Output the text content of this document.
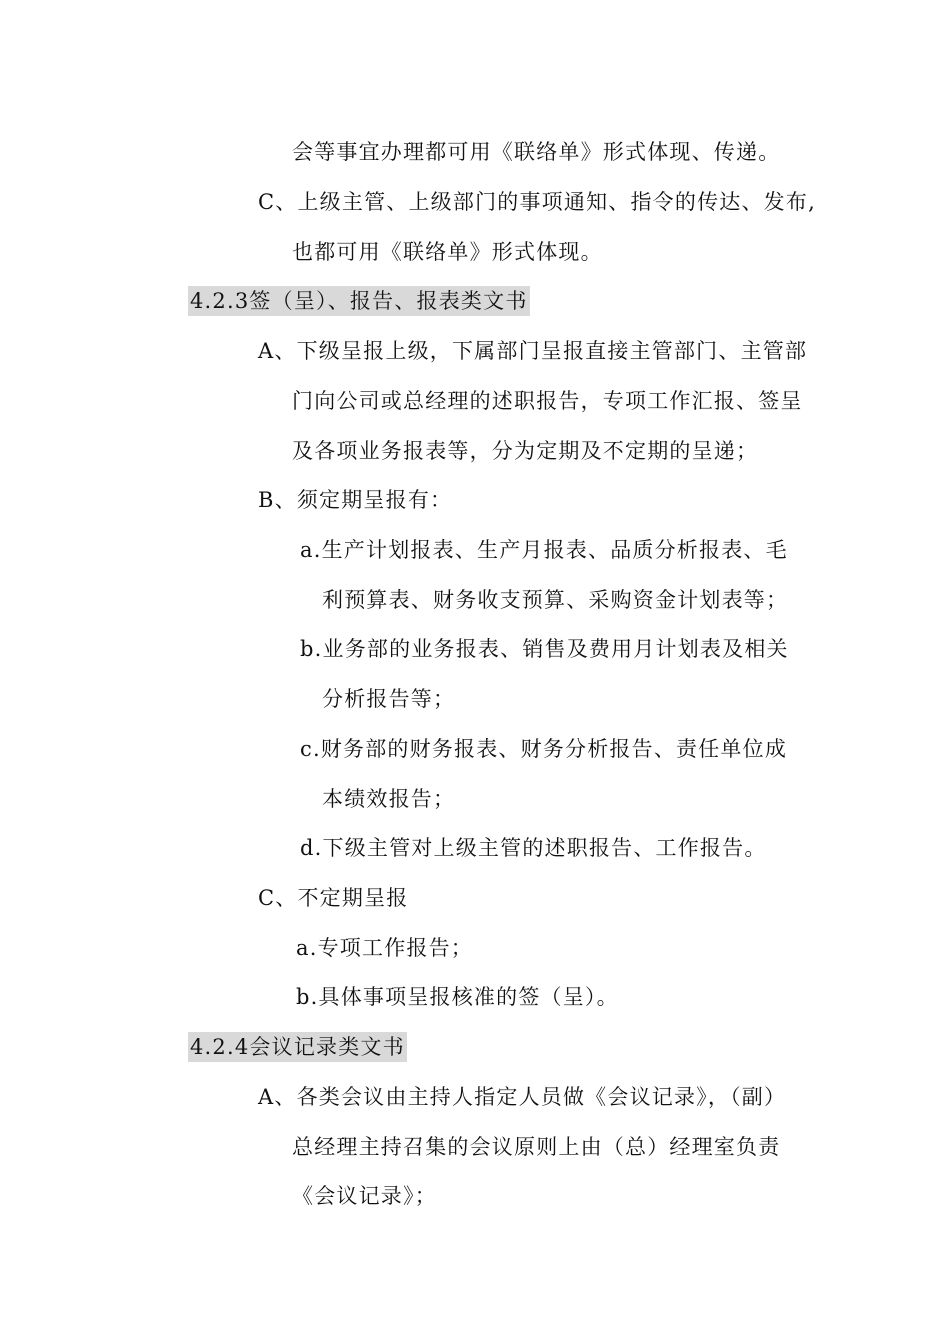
会等事宜办理都可用《联络单》形式体现、传递。
C、上级主管、上级部门的事项通知、指令的传达、发布,
也都可用《联络单》形式体现。
4.2.3签（呈）、报告、报表类文书
A、下级呈报上级，下属部门呈报直接主管部门、主管部
门向公司或总经理的述职报告，专项工作汇报、签呈
及各项业务报表等，分为定期及不定期的呈递；
B、须定期呈报有：
a.生产计划报表、生产月报表、品质分析报表、毛
利预算表、财务收支预算、采购资金计划表等；
b.业务部的业务报表、销售及费用月计划表及相关
分析报告等；
c.财务部的财务报表、财务分析报告、责任单位成
本绩效报告；
d.下级主管对上级主管的述职报告、工作报告。
C、不定期呈报
a.专项工作报告；
b.具体事项呈报核准的签（呈）。
4.2.4会议记录类文书
A、各类会议由主持人指定人员做《会议记录》，（副）
总经理主持召集的会议原则上由（总）经理室负责
《会议记录》；
